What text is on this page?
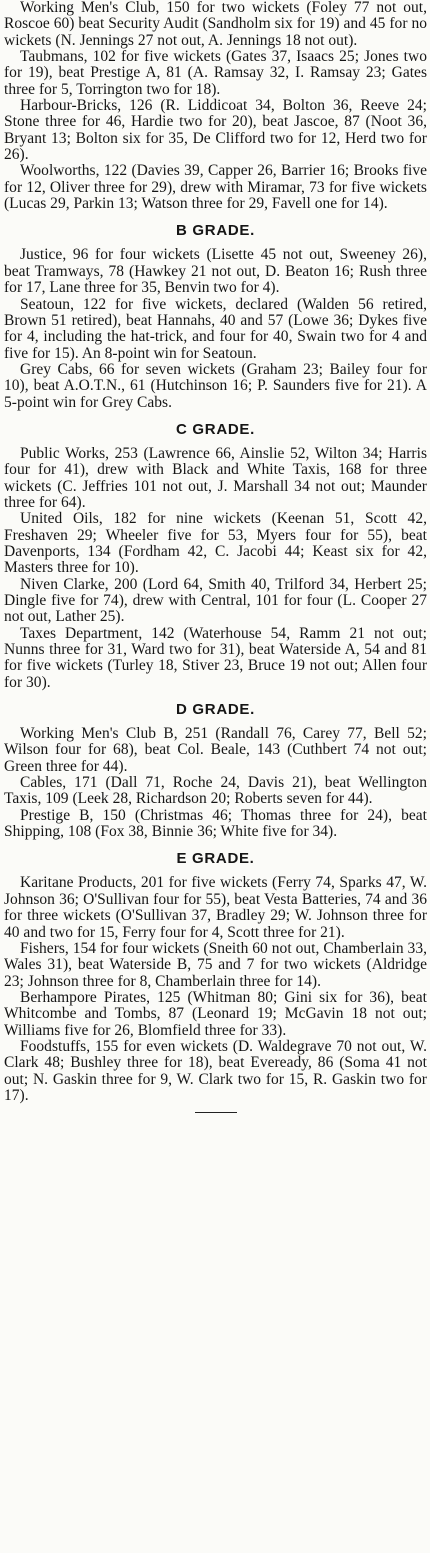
Working Men's Club, 150 for two wickets (Foley 77 not out, Roscoe 60) beat Security Audit (Sandholm six for 19) and 45 for no wickets (N. Jennings 27 not out, A. Jennings 18 not out).

Taubmans, 102 for five wickets (Gates 37, Isaacs 25; Jones two for 19), beat Prestige A, 81 (A. Ramsay 32, I. Ramsay 23; Gates three for 5, Torrington two for 18).

Harbour-Bricks, 126 (R. Liddicoat 34, Bolton 36, Reeve 24; Stone three for 46, Hardie two for 20), beat Jascoe, 87 (Noot 36, Bryant 13; Bolton six for 35, De Clifford two for 12, Herd two for 26).

Woolworths, 122 (Davies 39, Capper 26, Barrier 16; Brooks five for 12, Oliver three for 29), drew with Miramar, 73 for five wickets (Lucas 29, Parkin 13; Watson three for 29, Favell one for 14).

B GRADE.

Justice, 96 for four wickets (Lisette 45 not out, Sweeney 26), beat Tramways, 78 (Hawkey 21 not out, D. Beaton 16; Rush three for 17, Lane three for 35, Benvin two for 4).

Seatoun, 122 for five wickets, declared (Walden 56 retired, Brown 51 retired), beat Hannahs, 40 and 57 (Lowe 36; Dykes five for 4, including the hat-trick, and four for 40, Swain two for 4 and five for 15). An 8-point win for Seatoun.

Grey Cabs, 66 for seven wickets (Graham 23; Bailey four for 10), beat A.O.T.N., 61 (Hutchinson 16; P. Saunders five for 21). A 5-point win for Grey Cabs.

C GRADE.

Public Works, 253 (Lawrence 66, Ainslie 52, Wilton 34; Harris four for 41), drew with Black and White Taxis, 168 for three wickets (C. Jeffries 101 not out, J. Marshall 34 not out; Maunder three for 64).

United Oils, 182 for nine wickets (Keenan 51, Scott 42, Freshaven 29; Wheeler five for 53, Myers four for 55), beat Davenports, 134 (Fordham 42, C. Jacobi 44; Keast six for 42, Masters three for 10).

Niven Clarke, 200 (Lord 64, Smith 40, Trilford 34, Herbert 25; Dingle five for 74), drew with Central, 101 for four (L. Cooper 27 not out, Lather 25).

Taxes Department, 142 (Waterhouse 54, Ramm 21 not out; Nunns three for 31, Ward two for 31), beat Waterside A, 54 and 81 for five wickets (Turley 18, Stiver 23, Bruce 19 not out; Allen four for 30).

D GRADE.

Working Men's Club B, 251 (Randall 76, Carey 77, Bell 52; Wilson four for 68), beat Col. Beale, 143 (Cuthbert 74 not out; Green three for 44).

Cables, 171 (Dall 71, Roche 24, Davis 21), beat Wellington Taxis, 109 (Leek 28, Richardson 20; Roberts seven for 44).

Prestige B, 150 (Christmas 46; Thomas three for 24), beat Shipping, 108 (Fox 38, Binnie 36; White five for 34).

E GRADE.

Karitane Products, 201 for five wickets (Ferry 74, Sparks 47, W. Johnson 36; O'Sullivan four for 55), beat Vesta Batteries, 74 and 36 for three wickets (O'Sullivan 37, Bradley 29; W. Johnson three for 40 and two for 15, Ferry four for 4, Scott three for 21).

Fishers, 154 for four wickets (Sneith 60 not out, Chamberlain 33, Wales 31), beat Waterside B, 75 and 7 for two wickets (Aldridge 23; Johnson three for 8, Chamberlain three for 14).

Berhampore Pirates, 125 (Whitman 80; Gini six for 36), beat Whitcombe and Tombs, 87 (Leonard 19; McGavin 18 not out; Williams five for 26, Blomfield three for 33).

Foodstuffs, 155 for even wickets (D. Waldegrave 70 not out, W. Clark 48; Bushley three for 18), beat Eveready, 86 (Soma 41 not out; N. Gaskin three for 9, W. Clark two for 15, R. Gaskin two for 17).
